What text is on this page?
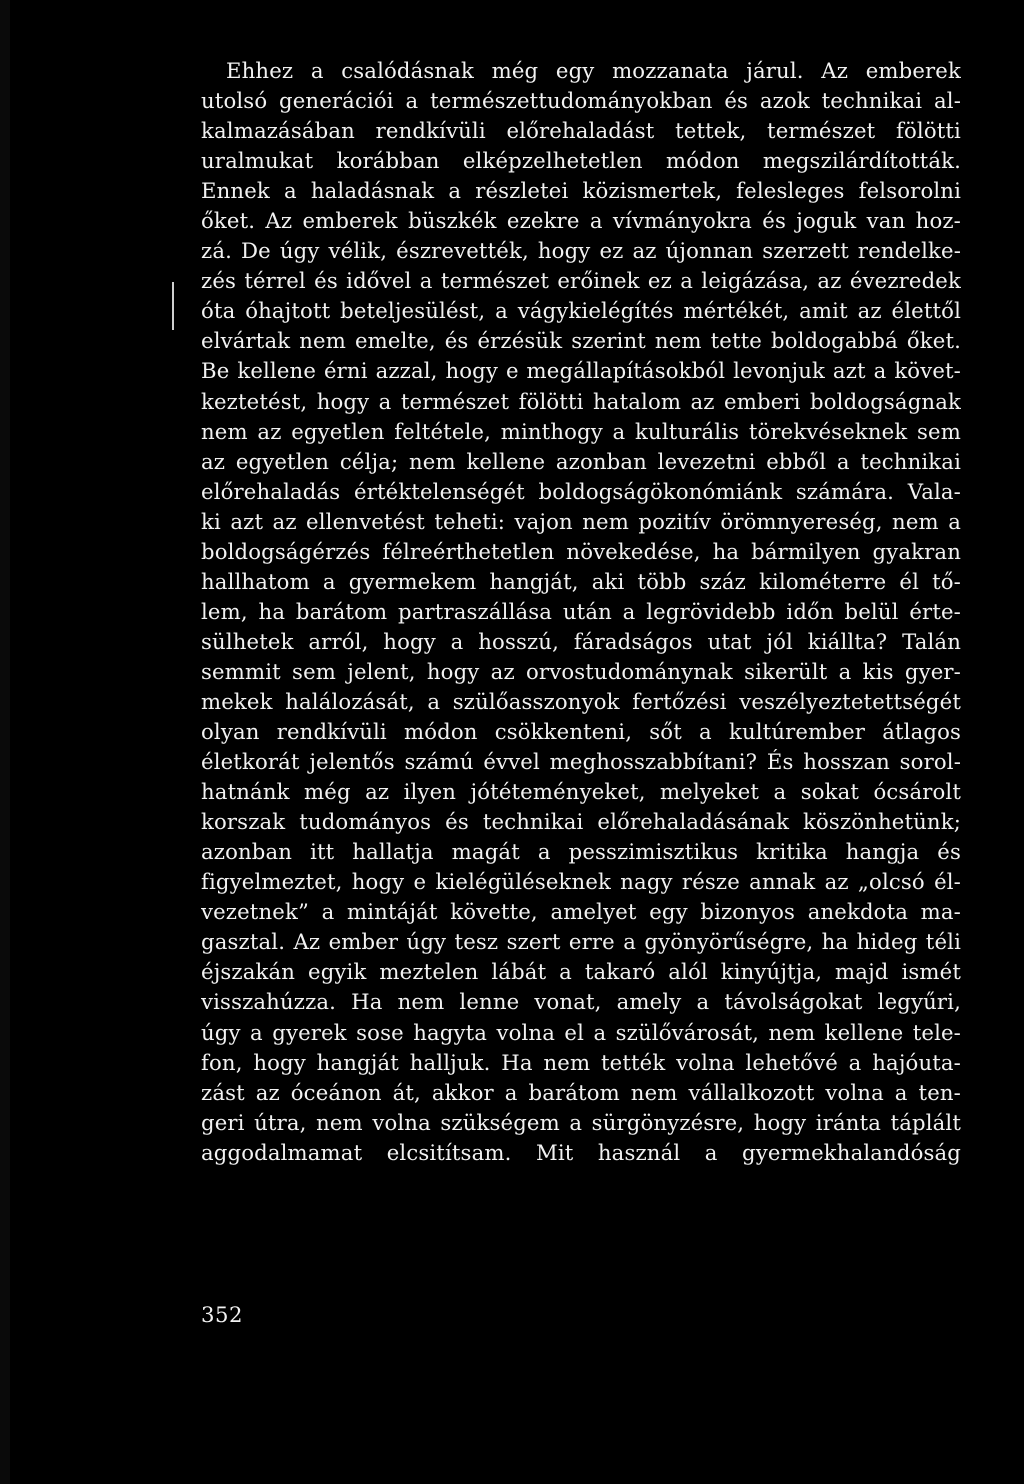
Ehhez a csalódásnak még egy mozzanata járul. Az emberek
utolsó generációi a természettudományokban és azok technikai al-
kalmazásában rendkívüli előrehaladást tettek, természet fölötti
uralmukat korábban elképzelhetetlen módon megszilárdították.
Ennek a haladásnak a részletei közismertek, felesleges felsorolni
őket. Az emberek büszkék ezekre a vívmányokra és joguk van hoz-
zá. De úgy vélik, észrevették, hogy ez az újonnan szerzett rendelke-
zés térrel és idővel a természet erőinek ez a leigázása, az évezredek
óta óhajtott beteljesülést, a vágykielégítés mértékét, amit az élettől
elvártak nem emelte, és érzésük szerint nem tette boldogabbá őket.
Be kellene érni azzal, hogy e megállapításokból levonjuk azt a követ-
keztetést, hogy a természet fölötti hatalom az emberi boldogságnak
nem az egyetlen feltétele, minthogy a kulturális törekvéseknek sem
az egyetlen célja; nem kellene azonban levezetni ebből a technikai
előrehaladás értéktelenségét boldogságökonómiánk számára. Vala-
ki azt az ellenvetést teheti: vajon nem pozitív örömnyereség, nem a
boldogságérzés félreérthetetlen növekedése, ha bármilyen gyakran
hallhatom a gyermekem hangját, aki több száz kilométerre él tő-
lem, ha barátom partraszállása után a legrövidebb időn belül érte-
sülhetek arról, hogy a hosszú, fáradságos utat jól kiállta? Talán
semmit sem jelent, hogy az orvostudománynak sikerült a kis gyer-
mekek halálozását, a szülőasszonyok fertőzési veszélyeztetettségét
olyan rendkívüli módon csökkenteni, sőt a kultúrember átlagos
életkorát jelentős számú évvel meghosszabbítani? És hosszan sorol-
hatnánk még az ilyen jótéteményeket, melyeket a sokat ócsárolt
korszak tudományos és technikai előrehaladásának köszönhetünk;
azonban itt hallatja magát a pesszimisztikus kritika hangja és
figyelmeztet, hogy e kielégüléseknek nagy része annak az „olcsó él-
vezetnek” a mintáját követte, amelyet egy bizonyos anekdota ma-
gasztal. Az ember úgy tesz szert erre a gyönyörűségre, ha hideg téli
éjszakán egyik meztelen lábát a takaró alól kinyújtja, majd ismét
visszahúzza. Ha nem lenne vonat, amely a távolságokat legyűri,
úgy a gyerek sose hagyta volna el a szülővárosát, nem kellene tele-
fon, hogy hangját halljuk. Ha nem tették volna lehetővé a hajóuta-
zást az óceánon át, akkor a barátom nem vállalkozott volna a ten-
geri útra, nem volna szükségem a sürgönyzésre, hogy iránta táplált
aggodalmamat elcsitítsam. Mit használ a gyermekhalandóság
352
